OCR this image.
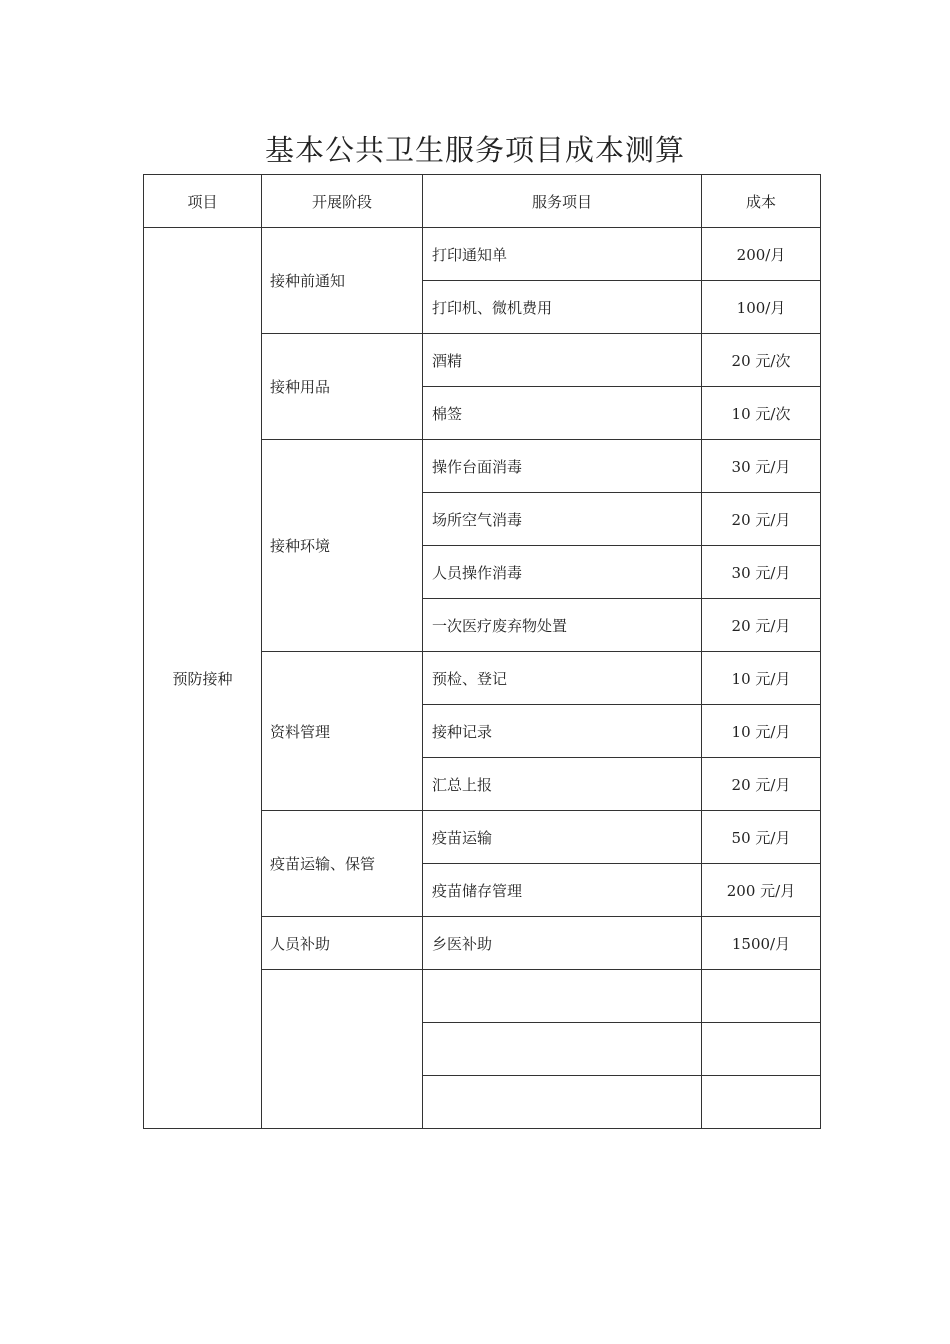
基本公共卫生服务项目成本测算
项目	开展阶段	服务项目	成本
预防接种	接种前通知	打印通知单	200/月
		打印机、微机费用	100/月
	接种用品	酒精	20 元/次
		棉签	10 元/次
	接种环境	操作台面消毒	30 元/月
		场所空气消毒	20 元/月
		人员操作消毒	30 元/月
		一次医疗废弃物处置	20 元/月
	资料管理	预检、登记	10 元/月
		接种记录	10 元/月
		汇总上报	20 元/月
	疫苗运输、保管	疫苗运输	50 元/月
		疫苗储存管理	200 元/月
	人员补助	乡医补助	1500/月
